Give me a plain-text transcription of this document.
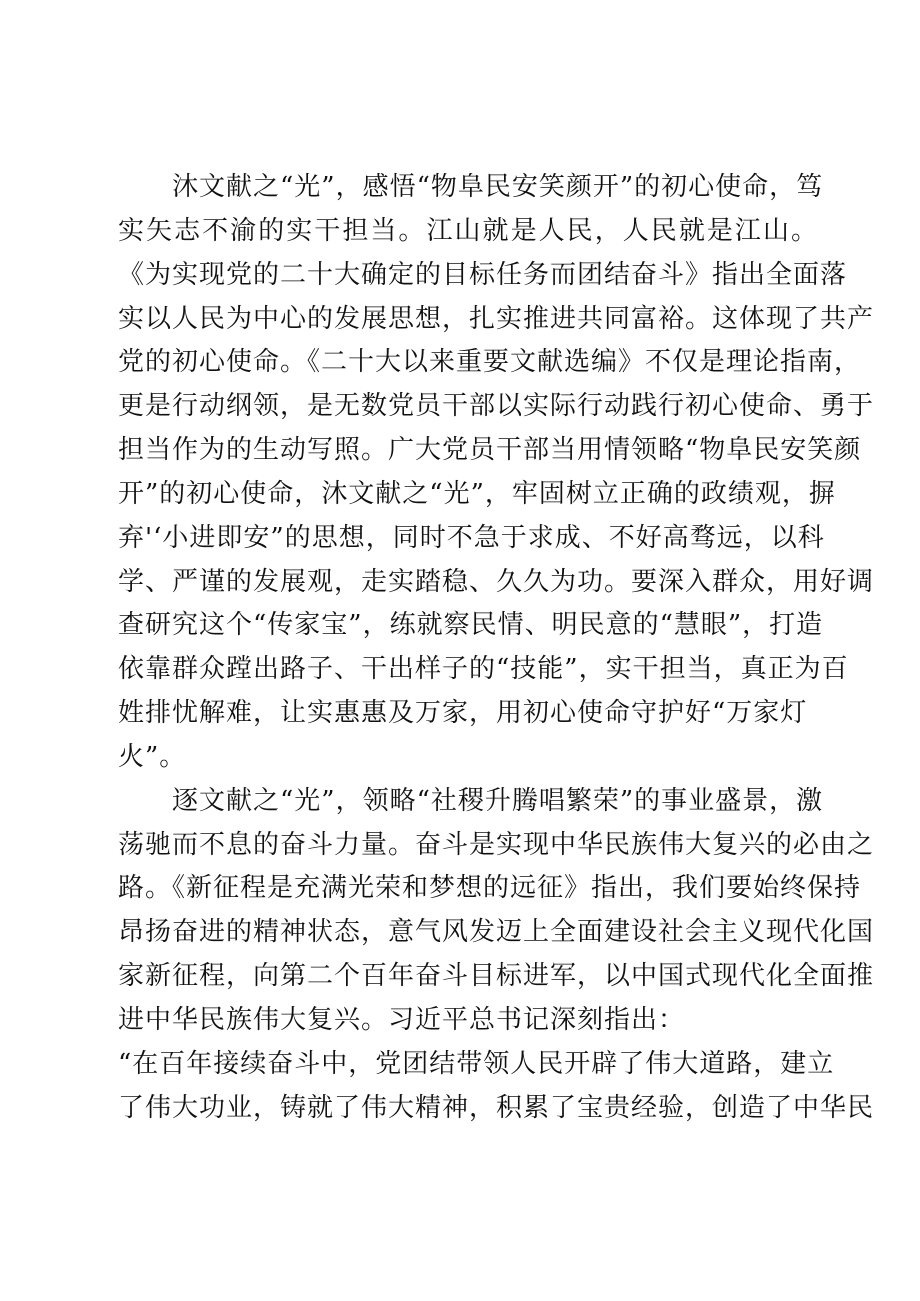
沐文献之“光”，感悟“物阜民安笑颜开”的初心使命，笃
实矢志不渝的实干担当。江山就是人民，人民就是江山。
《为实现党的二十大确定的目标任务而团结奋斗》指出全面落
实以人民为中心的发展思想，扎实推进共同富裕。这体现了共产
党的初心使命。《二十大以来重要文献选编》不仅是理论指南，
更是行动纲领，是无数党员干部以实际行动践行初心使命、勇于
担当作为的生动写照。广大党员干部当用情领略“物阜民安笑颜
开”的初心使命，沐文献之“光”，牢固树立正确的政绩观，摒
弃'‘小进即安”的思想，同时不急于求成、不好高骛远，以科
学、严谨的发展观，走实踏稳、久久为功。要深入群众，用好调
查研究这个“传家宝”，练就察民情、明民意的“慧眼”，打造
依靠群众蹚出路子、干出样子的“技能”，实干担当，真正为百
姓排忧解难，让实惠惠及万家，用初心使命守护好“万家灯
火”。
逐文献之“光”，领略“社稷升腾唱繁荣”的事业盛景，激
荡驰而不息的奋斗力量。奋斗是实现中华民族伟大复兴的必由之
路。《新征程是充满光荣和梦想的远征》指出，我们要始终保持
昂扬奋进的精神状态，意气风发迈上全面建设社会主义现代化国
家新征程，向第二个百年奋斗目标进军，以中国式现代化全面推
进中华民族伟大复兴。习近平总书记深刻指出：
“在百年接续奋斗中，党团结带领人民开辟了伟大道路，建立
了伟大功业，铸就了伟大精神，积累了宝贵经验，创造了中华民
